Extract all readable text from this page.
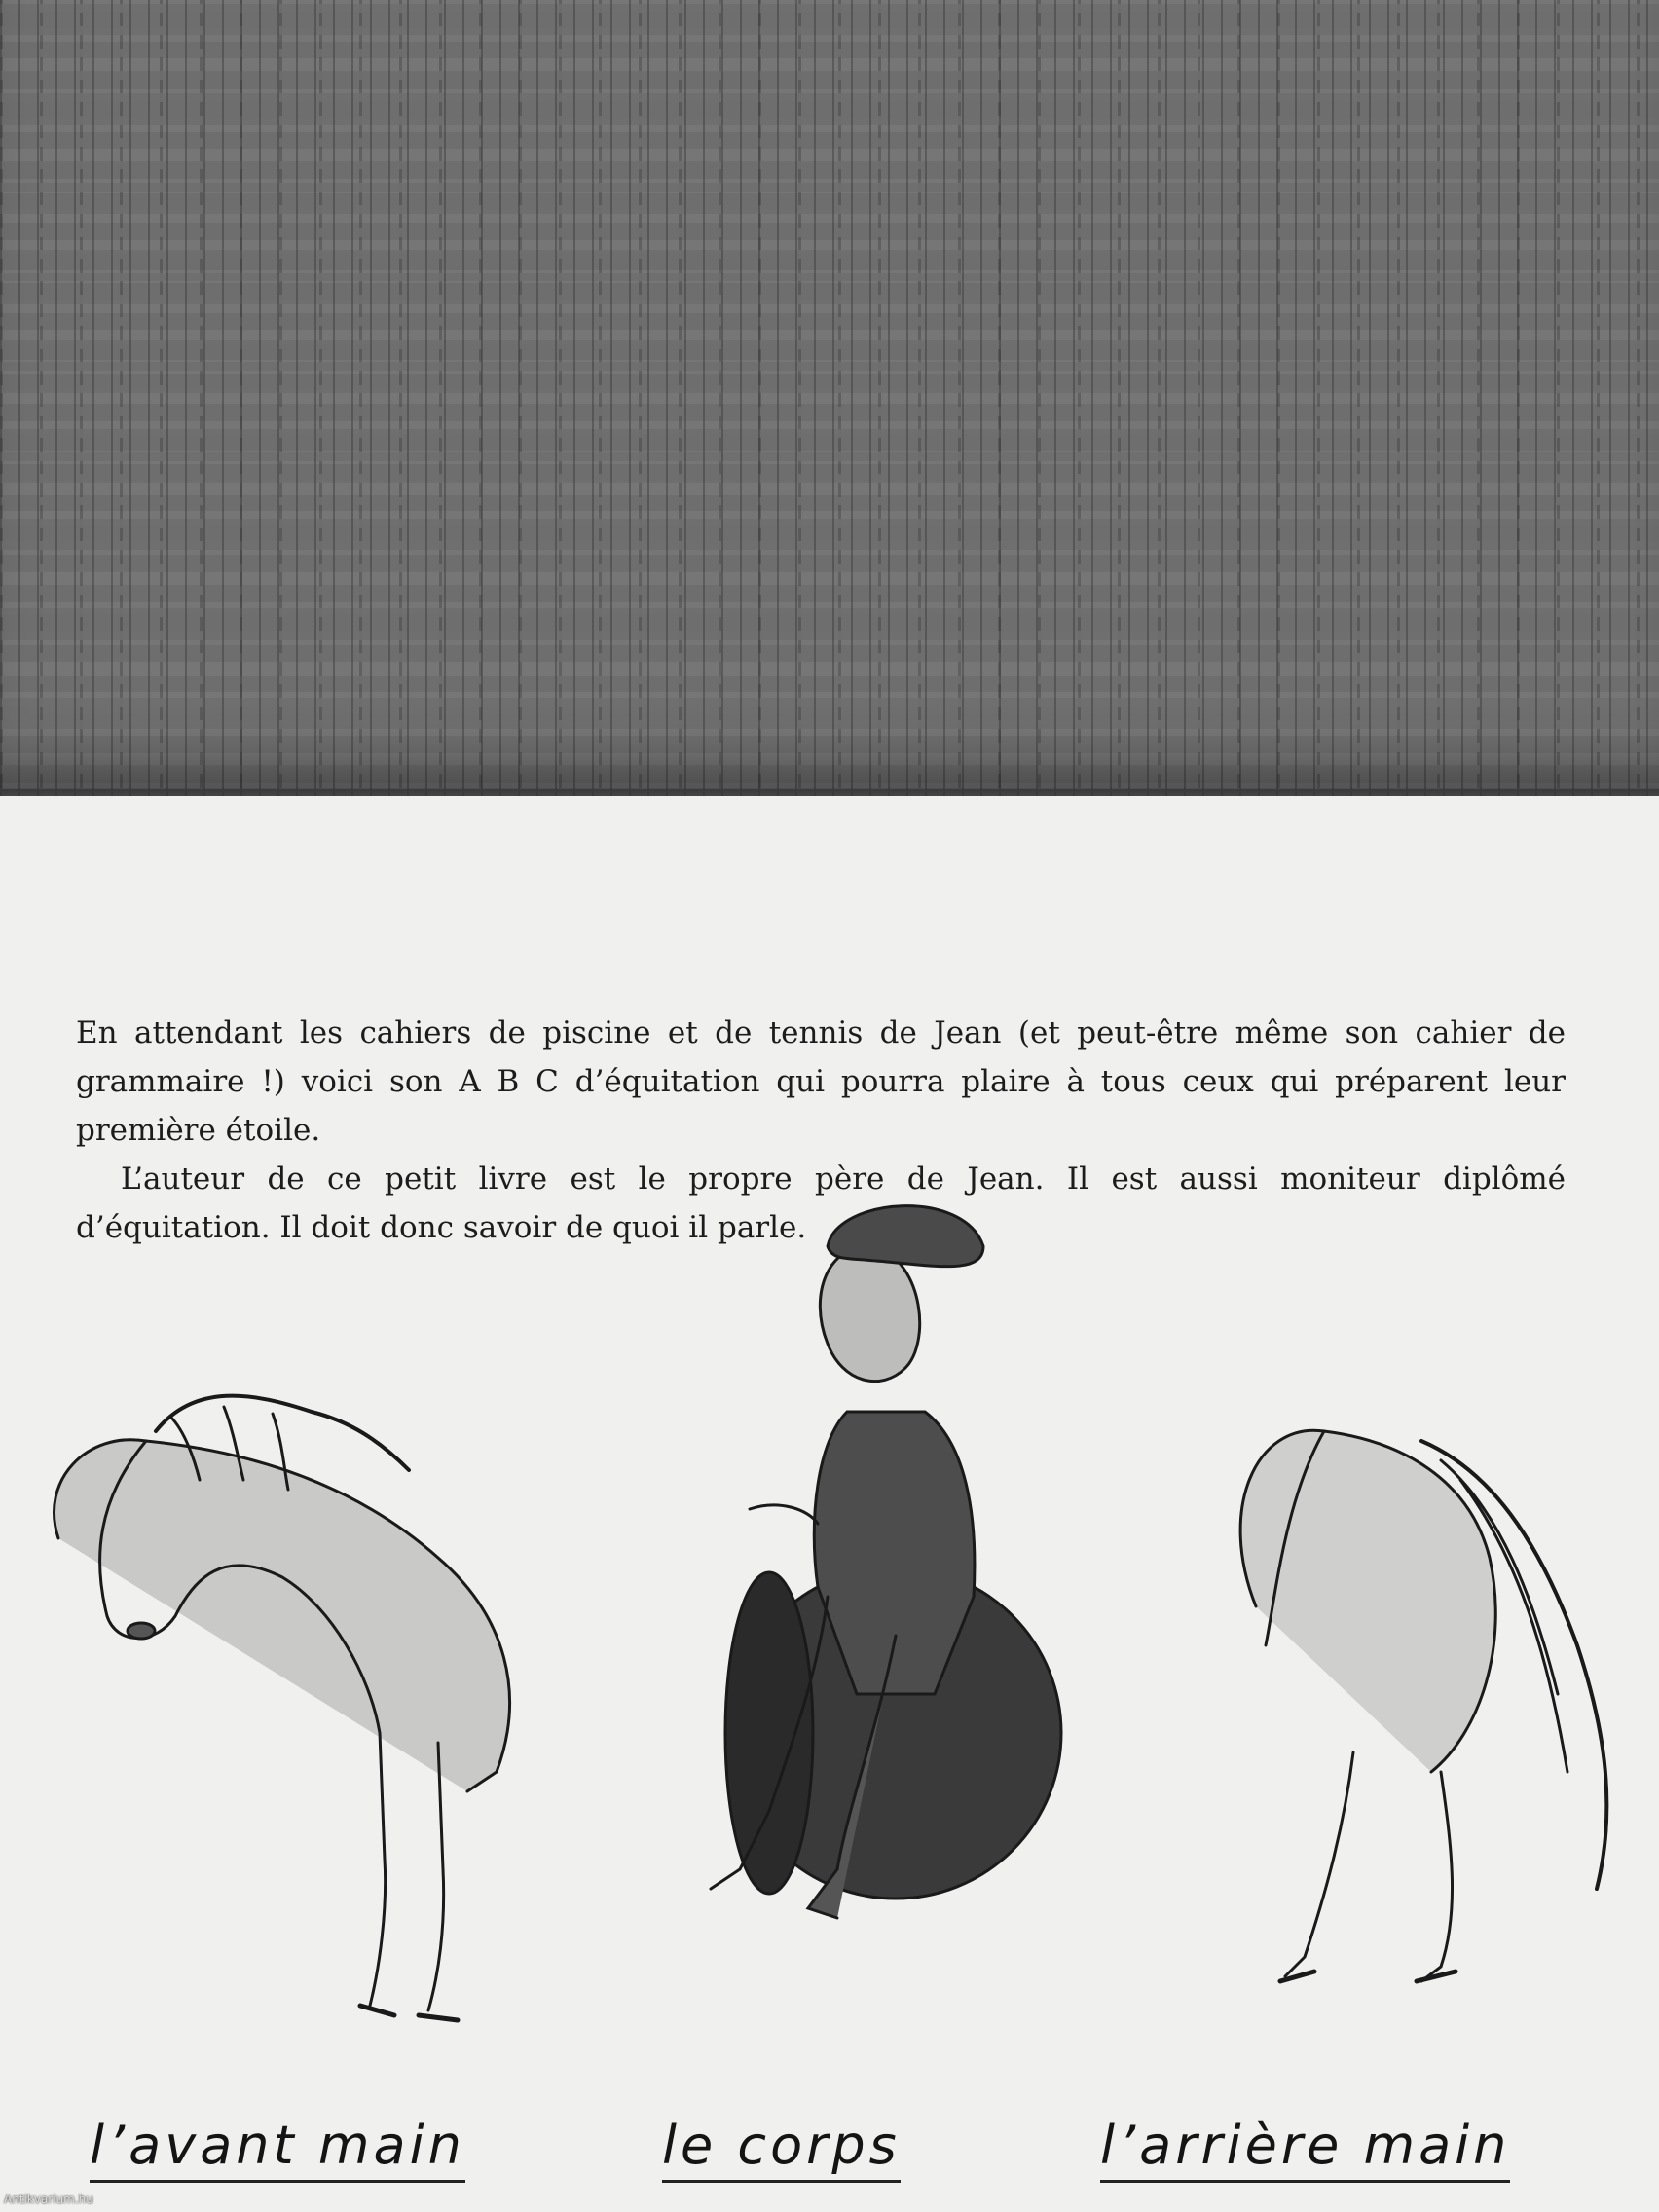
En attendant les cahiers de piscine et de tennis de Jean (et peut-être même son cahier de grammaire !) voici son A B C d’équitation qui pourra plaire à tous ceux qui préparent leur première étoile.

L’auteur de ce petit livre est le propre père de Jean. Il est aussi moniteur diplômé d’équitation. Il doit donc savoir de quoi il parle.

l’avant main	le corps	l’arrière main
Antikvarium.hu
